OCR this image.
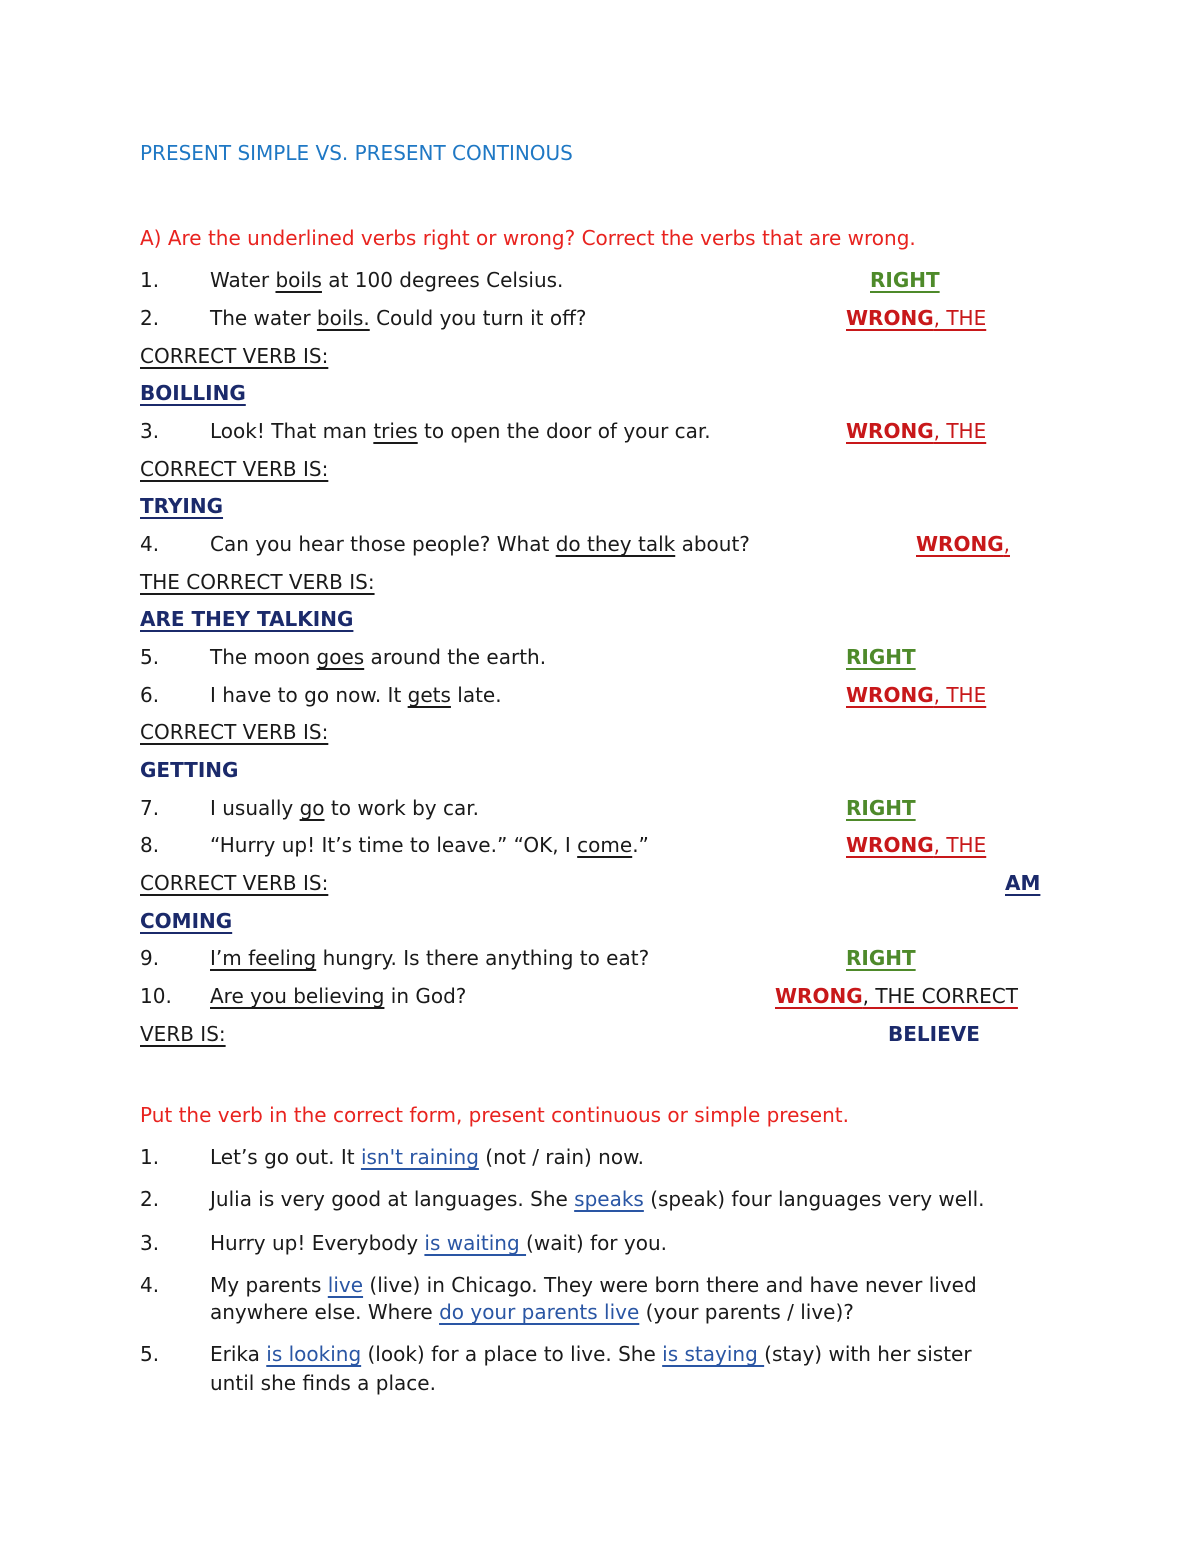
PRESENT SIMPLE VS. PRESENT CONTINOUS
A) Are the underlined verbs right or wrong? Correct the verbs that are wrong.
1.	Water boils at 100 degrees Celsius.	RIGHT
2.	The water boils. Could you turn it off?	WRONG, THE
CORRECT VERB IS:
BOILLING
3.	Look! That man tries to open the door of your car.	WRONG, THE
CORRECT VERB IS:
TRYING
4.	Can you hear those people? What do they talk about?	WRONG,
THE CORRECT VERB IS:
ARE THEY TALKING
5.	The moon goes around the earth.	RIGHT
6.	I have to go now. It gets late.	WRONG, THE
CORRECT VERB IS:
GETTING
7.	I usually go to work by car.	RIGHT
8.	“Hurry up! It’s time to leave.” “OK, I come.”	WRONG, THE
CORRECT VERB IS:	AM
COMING
9.	I’m feeling hungry. Is there anything to eat?	RIGHT
10. Are you believing in God?	WRONG, THE CORRECT
VERB IS:	BELIEVE
Put the verb in the correct form, present continuous or simple present.
1.	Let’s go out. It isn't raining (not / rain) now.
2.	Julia is very good at languages. She speaks (speak) four languages very well.
3.	Hurry up! Everybody is waiting (wait) for you.
4.	My parents live (live) in Chicago. They were born there and have never lived
anywhere else. Where do your parents live (your parents / live)?
5.	Erika is looking (look) for a place to live. She is staying (stay) with her sister
until she finds a place.
